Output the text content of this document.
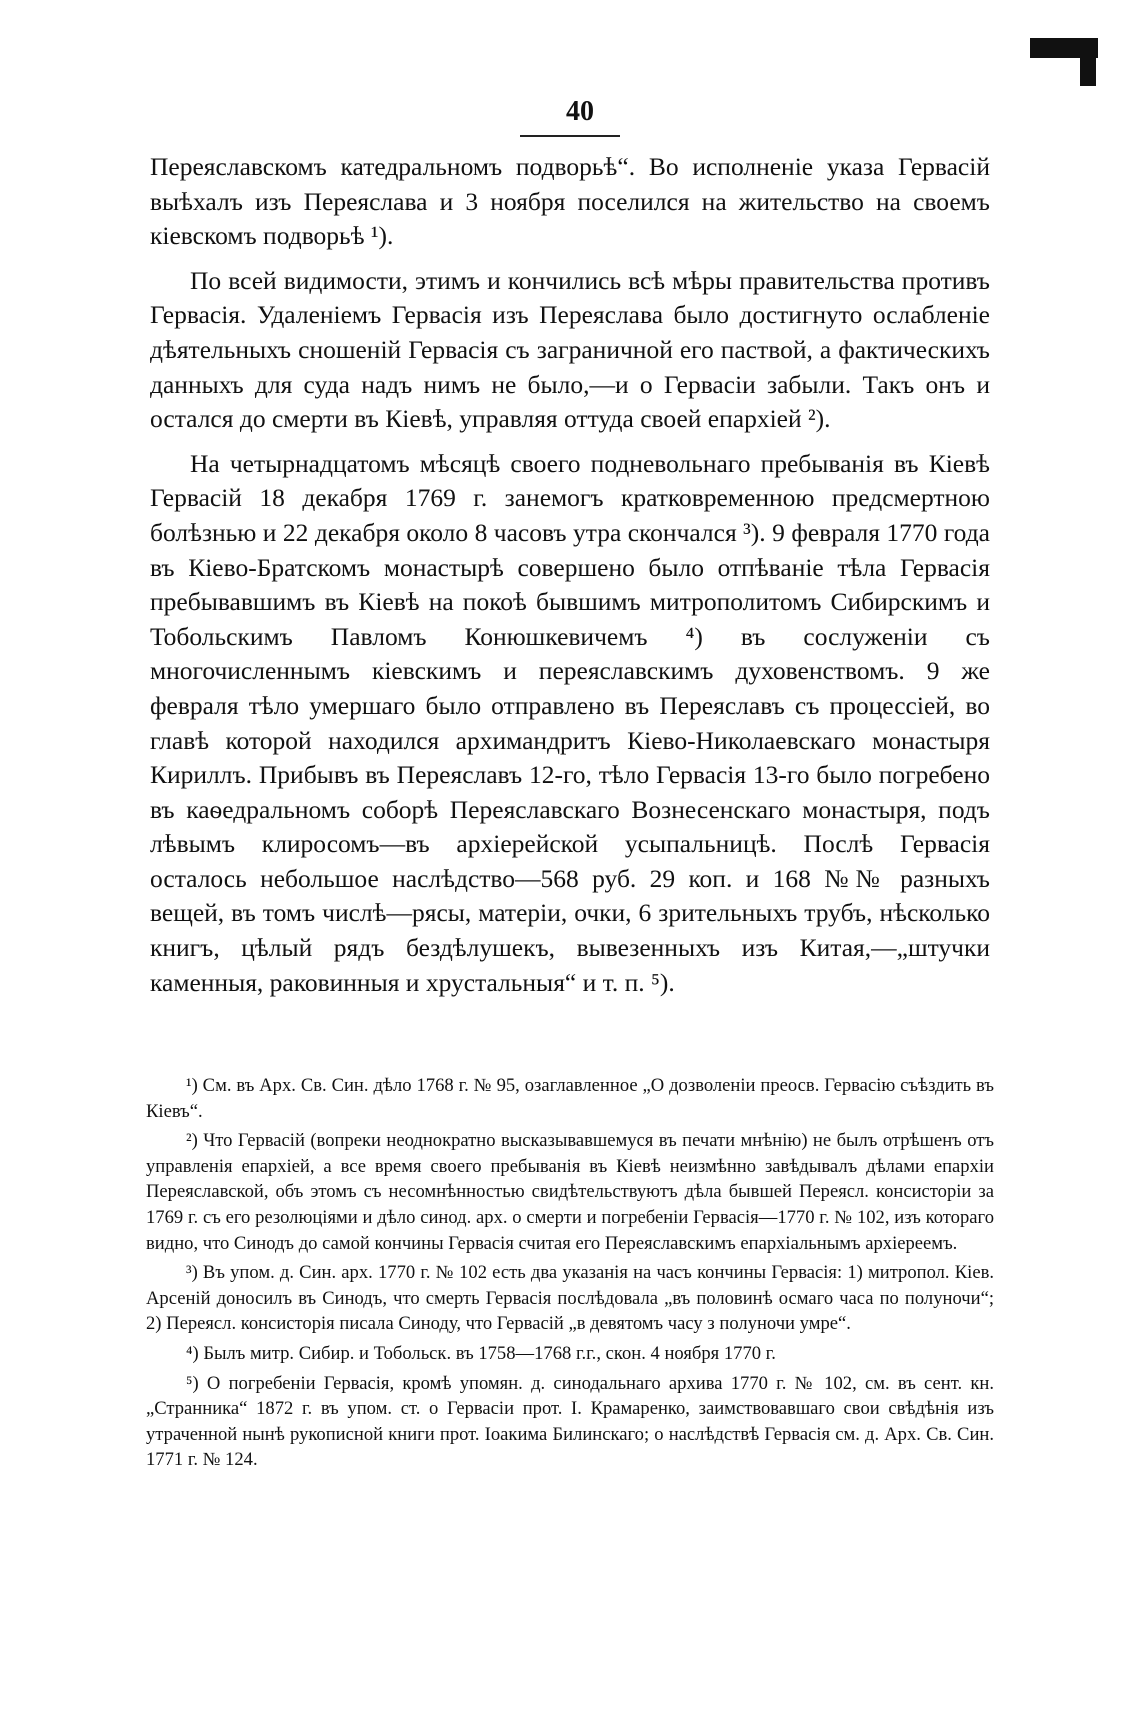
40

Переяславскомъ катедральномъ подворьѣ“. Во исполненіе указа Гервасій выѣхалъ изъ Переяслава и 3 ноября поселился на жительство на своемъ кіевскомъ подворьѣ ¹).

По всей видимости, этимъ и кончились всѣ мѣры правительства противъ Гервасія. Удаленіемъ Гервасія изъ Переяслава было достигнуто ослабленіе дѣятельныхъ сношеній Гервасія съ заграничной его паствой, а фактическихъ данныхъ для суда надъ нимъ не было,—и о Гервасіи забыли. Такъ онъ и остался до смерти въ Кіевѣ, управляя оттуда своей епархіей ²).

На четырнадцатомъ мѣсяцѣ своего подневольнаго пребыванія въ Кіевѣ Гервасій 18 декабря 1769 г. занемогъ кратковременною предсмертною болѣзнью и 22 декабря около 8 часовъ утра скончался ³). 9 февраля 1770 года въ Кіево-Братскомъ монастырѣ совершено было отпѣваніе тѣла Гервасія пребывавшимъ въ Кіевѣ на покоѣ бывшимъ митрополитомъ Сибирскимъ и Тобольскимъ Павломъ Конюшкевичемъ ⁴) въ сослуженіи съ многочисленнымъ кіевскимъ и переяславскимъ духовенствомъ. 9 же февраля тѣло умершаго было отправлено въ Переяславъ съ процессіей, во главѣ которой находился архимандритъ Кіево-Николаевскаго монастыря Кириллъ. Прибывъ въ Переяславъ 12-го, тѣло Гервасія 13-го было погребено въ каѳедральномъ соборѣ Переяславскаго Вознесенскаго монастыря, подъ лѣвымъ клиросомъ—въ архіерейской усыпальницѣ. Послѣ Гервасія осталось небольшое наслѣдство—568 руб. 29 коп. и 168 №№ разныхъ вещей, въ томъ числѣ—рясы, матеріи, очки, 6 зрительныхъ трубъ, нѣсколько книгъ, цѣлый рядъ бездѣлушекъ, вывезенныхъ изъ Китая,—„штучки каменныя, раковинныя и хрустальныя“ и т. п. ⁵).

¹) См. въ Арх. Св. Син. дѣло 1768 г. № 95, озаглавленное „О дозволеніи преосв. Гервасію съѣздить въ Кіевъ“.

²) Что Гервасій (вопреки неоднократно высказывавшемуся въ печати мнѣнію) не былъ отрѣшенъ отъ управленія епархіей, а все время своего пребыванія въ Кіевѣ неизмѣнно завѣдывалъ дѣлами епархіи Переяславской, объ этомъ съ несомнѣнностью свидѣтельствуютъ дѣла бывшей Переясл. консисторіи за 1769 г. съ его резолюціями и дѣло синод. арх. о смерти и погребеніи Гервасія—1770 г. № 102, изъ котораго видно, что Синодъ до самой кончины Гервасія считая его Переяславскимъ епархіальнымъ архіереемъ.

³) Въ упом. д. Син. арх. 1770 г. № 102 есть два указанія на часъ кончины Гервасія: 1) митропол. Кіев. Арсеній доносилъ въ Синодъ, что смерть Гервасія послѣдовала „въ половинѣ осмаго часа по полуночи“; 2) Переясл. консисторія писала Синоду, что Гервасій „в девятомъ часу з полуночи умре“.

⁴) Былъ митр. Сибир. и Тобольск. въ 1758—1768 г.г., скон. 4 ноября 1770 г.

⁵) О погребеніи Гервасія, кромѣ упомян. д. синодальнаго архива 1770 г. № 102, см. въ сент. кн. „Странника“ 1872 г. въ упом. ст. о Гервасіи прот. І. Крамаренко, заимствовавшаго свои свѣдѣнія изъ утраченной нынѣ рукописной книги прот. Іоакима Билинскаго; о наслѣдствѣ Гервасія см. д. Арх. Св. Син. 1771 г. № 124.
